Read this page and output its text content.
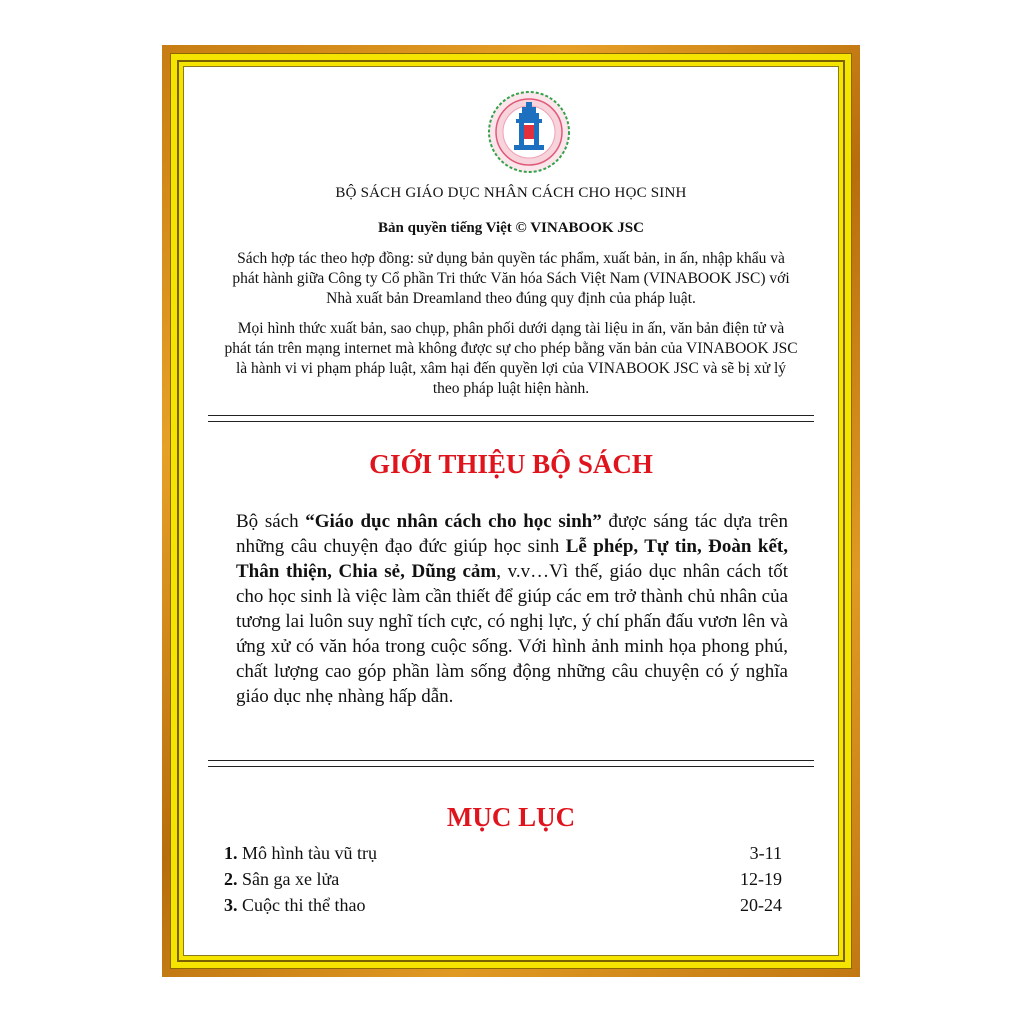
BỘ SÁCH GIÁO DỤC NHÂN CÁCH CHO HỌC SINH
Bản quyền tiếng Việt © VINABOOK JSC
Sách hợp tác theo hợp đồng: sử dụng bản quyền tác phẩm, xuất bản, in ấn, nhập khẩu và phát hành giữa Công ty Cổ phần Tri thức Văn hóa Sách Việt Nam (VINABOOK JSC) với Nhà xuất bản Dreamland theo đúng quy định của pháp luật.
Mọi hình thức xuất bản, sao chụp, phân phối dưới dạng tài liệu in ấn, văn bản điện tử và phát tán trên mạng internet mà không được sự cho phép bằng văn bản của VINABOOK JSC là hành vi vi phạm pháp luật, xâm hại đến quyền lợi của VINABOOK JSC và sẽ bị xử lý theo pháp luật hiện hành.
GIỚI THIỆU BỘ SÁCH
Bộ sách “Giáo dục nhân cách cho học sinh” được sáng tác dựa trên những câu chuyện đạo đức giúp học sinh Lễ phép, Tự tin, Đoàn kết, Thân thiện, Chia sẻ, Dũng cảm, v.v…Vì thế, giáo dục nhân cách tốt cho học sinh là việc làm cần thiết để giúp các em trở thành chủ nhân của tương lai luôn suy nghĩ tích cực, có nghị lực, ý chí phấn đấu vươn lên và ứng xử có văn hóa trong cuộc sống. Với hình ảnh minh họa phong phú, chất lượng cao góp phần làm sống động những câu chuyện có ý nghĩa giáo dục nhẹ nhàng hấp dẫn.
MỤC LỤC
1. Mô hình tàu vũ trụ	3-11
2. Sân ga xe lửa	12-19
3. Cuộc thi thể thao	20-24
